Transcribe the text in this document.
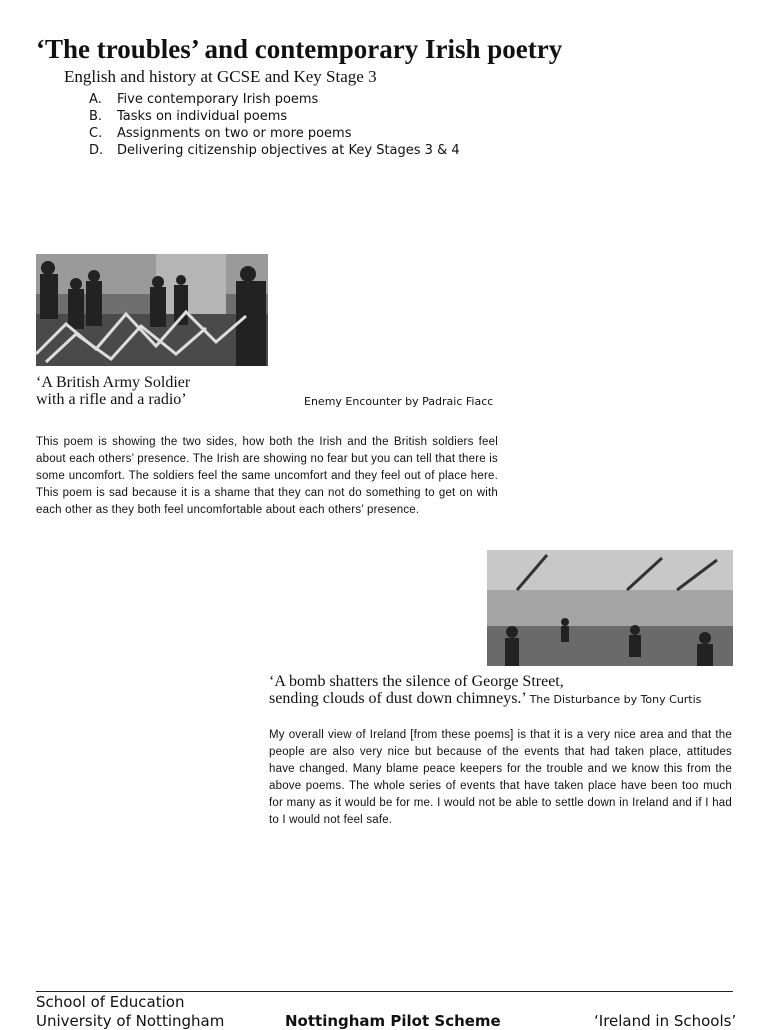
‘The troubles’ and contemporary Irish poetry
English and history at GCSE and Key Stage 3
A.	Five contemporary Irish poems
B.	Tasks on individual poems
C.	Assignments on two or more poems
D.	Delivering citizenship objectives at Key Stages 3 & 4
‘A British Army Soldier
with a rifle and a radio’	Enemy Encounter by Padraic Fiacc
This poem is showing the two sides, how both the Irish and the British soldiers feel about each others’ presence. The Irish are showing no fear but you can tell that there is some uncomfort. The soldiers feel the same uncomfort and they feel out of place here. This poem is sad because it is a shame that they can not do something to get on with each other as they both feel uncomfortable about each others’ presence.
‘A bomb shatters the silence of George Street,
sending clouds of dust down chimneys.’ The Disturbance by Tony Curtis
My overall view of Ireland [from these poems] is that it is a very nice area and that the people are also very nice but because of the events that had taken place, attitudes have changed. Many blame peace keepers for the trouble and we know this from the above poems. The whole series of events that have taken place have been too much for many as it would be for me. I would not be able to settle down in Ireland and if I had to I would not feel safe.
School of Education
University of Nottingham	Nottingham Pilot Scheme	‘Ireland in Schools’
